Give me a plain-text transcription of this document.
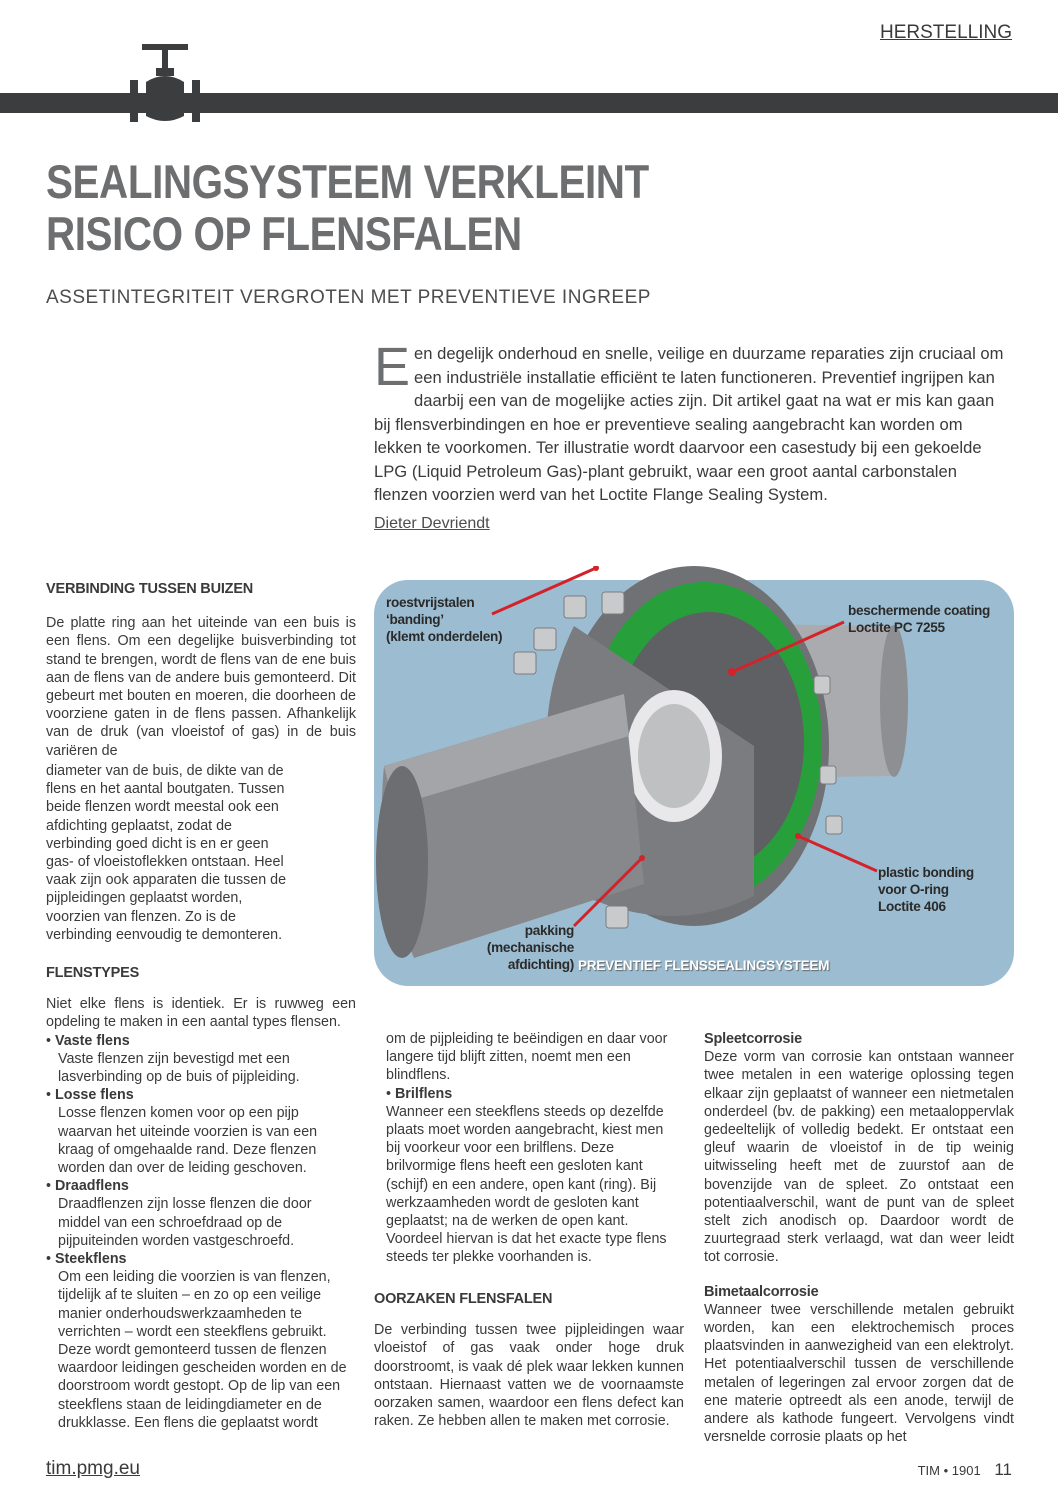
HERSTELLING
SEALINGSYSTEEM VERKLEINT
RISICO OP FLENSFALEN
ASSETINTEGRITEIT VERGROTEN MET PREVENTIEVE INGREEP
Een degelijk onderhoud en snelle, veilige en duurzame reparaties zijn cruciaal om een industriële installatie efficiënt te laten functioneren. Preventief ingrijpen kan daarbij een van de mogelijke acties zijn. Dit artikel gaat na wat er mis kan gaan bij flensverbindingen en hoe er preventieve sealing aangebracht kan worden om lekken te voorkomen. Ter illustratie wordt daarvoor een casestudy bij een gekoelde LPG (Liquid Petroleum Gas)-plant gebruikt, waar een groot aantal carbonstalen flenzen voorzien werd van het Loctite Flange Sealing System.
Dieter Devriendt

VERBINDING TUSSEN BUIZEN

De platte ring aan het uiteinde van een buis is een flens. Om een degelijke buisverbinding tot stand te brengen, wordt de flens van de ene buis aan de flens van de andere buis gemonteerd. Dit gebeurt met bouten en moeren, die doorheen de voorziene gaten in de flens passen. Afhankelijk van de druk (van vloeistof of gas) in de buis variëren de

diameter van de buis, de dikte van de flens en het aantal boutgaten. Tussen beide flenzen wordt meestal ook een afdichting geplaatst, zodat de verbinding goed dicht is en er geen gas- of vloeistoflekken ontstaan. Heel vaak zijn ook apparaten die tussen de pijpleidingen geplaatst worden, voorzien van flenzen. Zo is de verbinding eenvoudig te demonteren.

FLENSTYPES

Niet elke flens is identiek. Er is ruwweg een opdeling te maken in een aantal types flensen.

• Vaste flens

Vaste flenzen zijn bevestigd met een lasverbinding op de buis of pijpleiding.

• Losse flens

Losse flenzen komen voor op een pijp waarvan het uiteinde voorzien is van een kraag of omgehaalde rand. Deze flenzen worden dan over de leiding geschoven.

• Draadflens

Draadflenzen zijn losse flenzen die door middel van een schroefdraad op de pijpuiteinden worden vastgeschroefd.

• Steekflens

Om een leiding die voorzien is van flenzen, tijdelijk af te sluiten – en zo op een veilige manier onderhoudswerkzaamheden te verrichten – wordt een steekflens gebruikt. Deze wordt gemonteerd tussen de flenzen waardoor leidingen gescheiden worden en de doorstroom wordt gestopt. Op de lip van een steekflens staan de leidingdiameter en de drukklasse. Een flens die geplaatst wordt

roestvrijstalen
‘banding’
(klemt onderdelen)
beschermende coating
Loctite PC 7255
plastic bonding
voor O-ring
Loctite 406
pakking
(mechanische afdichting) PREVENTIEF FLENSSEALINGSYSTEEM

om de pijpleiding te beëindigen en daar voor langere tijd blijft zitten, noemt men een blindflens.

• Brilflens

Wanneer een steekflens steeds op dezelfde plaats moet worden aangebracht, kiest men bij voorkeur voor een brilflens. Deze brilvormige flens heeft een gesloten kant (schijf) en een andere, open kant (ring). Bij werkzaamheden wordt de gesloten kant geplaatst; na de werken de open kant. Voordeel hiervan is dat het exacte type flens steeds ter plekke voorhanden is.

OORZAKEN FLENSFALEN

De verbinding tussen twee pijpleidingen waar vloeistof of gas vaak onder hoge druk doorstroomt, is vaak dé plek waar lekken kunnen ontstaan. Hiernaast vatten we de voornaamste oorzaken samen, waardoor een flens defect kan raken. Ze hebben allen te maken met corrosie.

Spleetcorrosie

Deze vorm van corrosie kan ontstaan wanneer twee metalen in een waterige oplossing tegen elkaar zijn geplaatst of wanneer een nietmetalen onderdeel (bv. de pakking) een metaaloppervlak gedeeltelijk of volledig bedekt. Er ontstaat een gleuf waarin de vloeistof in de tip weinig uitwisseling heeft met de zuurstof aan de bovenzijde van de spleet. Zo ontstaat een potentiaalverschil, want de punt van de spleet stelt zich anodisch op. Daardoor wordt de zuurtegraad sterk verlaagd, wat dan weer leidt tot corrosie.

Bimetaalcorrosie

Wanneer twee verschillende metalen gebruikt worden, kan een elektrochemisch proces plaatsvinden in aanwezigheid van een elektrolyt. Het potentiaalverschil tussen de verschillende metalen of legeringen zal ervoor zorgen dat de ene materie optreedt als een anode, terwijl de andere als kathode fungeert. Vervolgens vindt versnelde corrosie plaats op het

tim.pmg.eu	TIM • 1901 11
